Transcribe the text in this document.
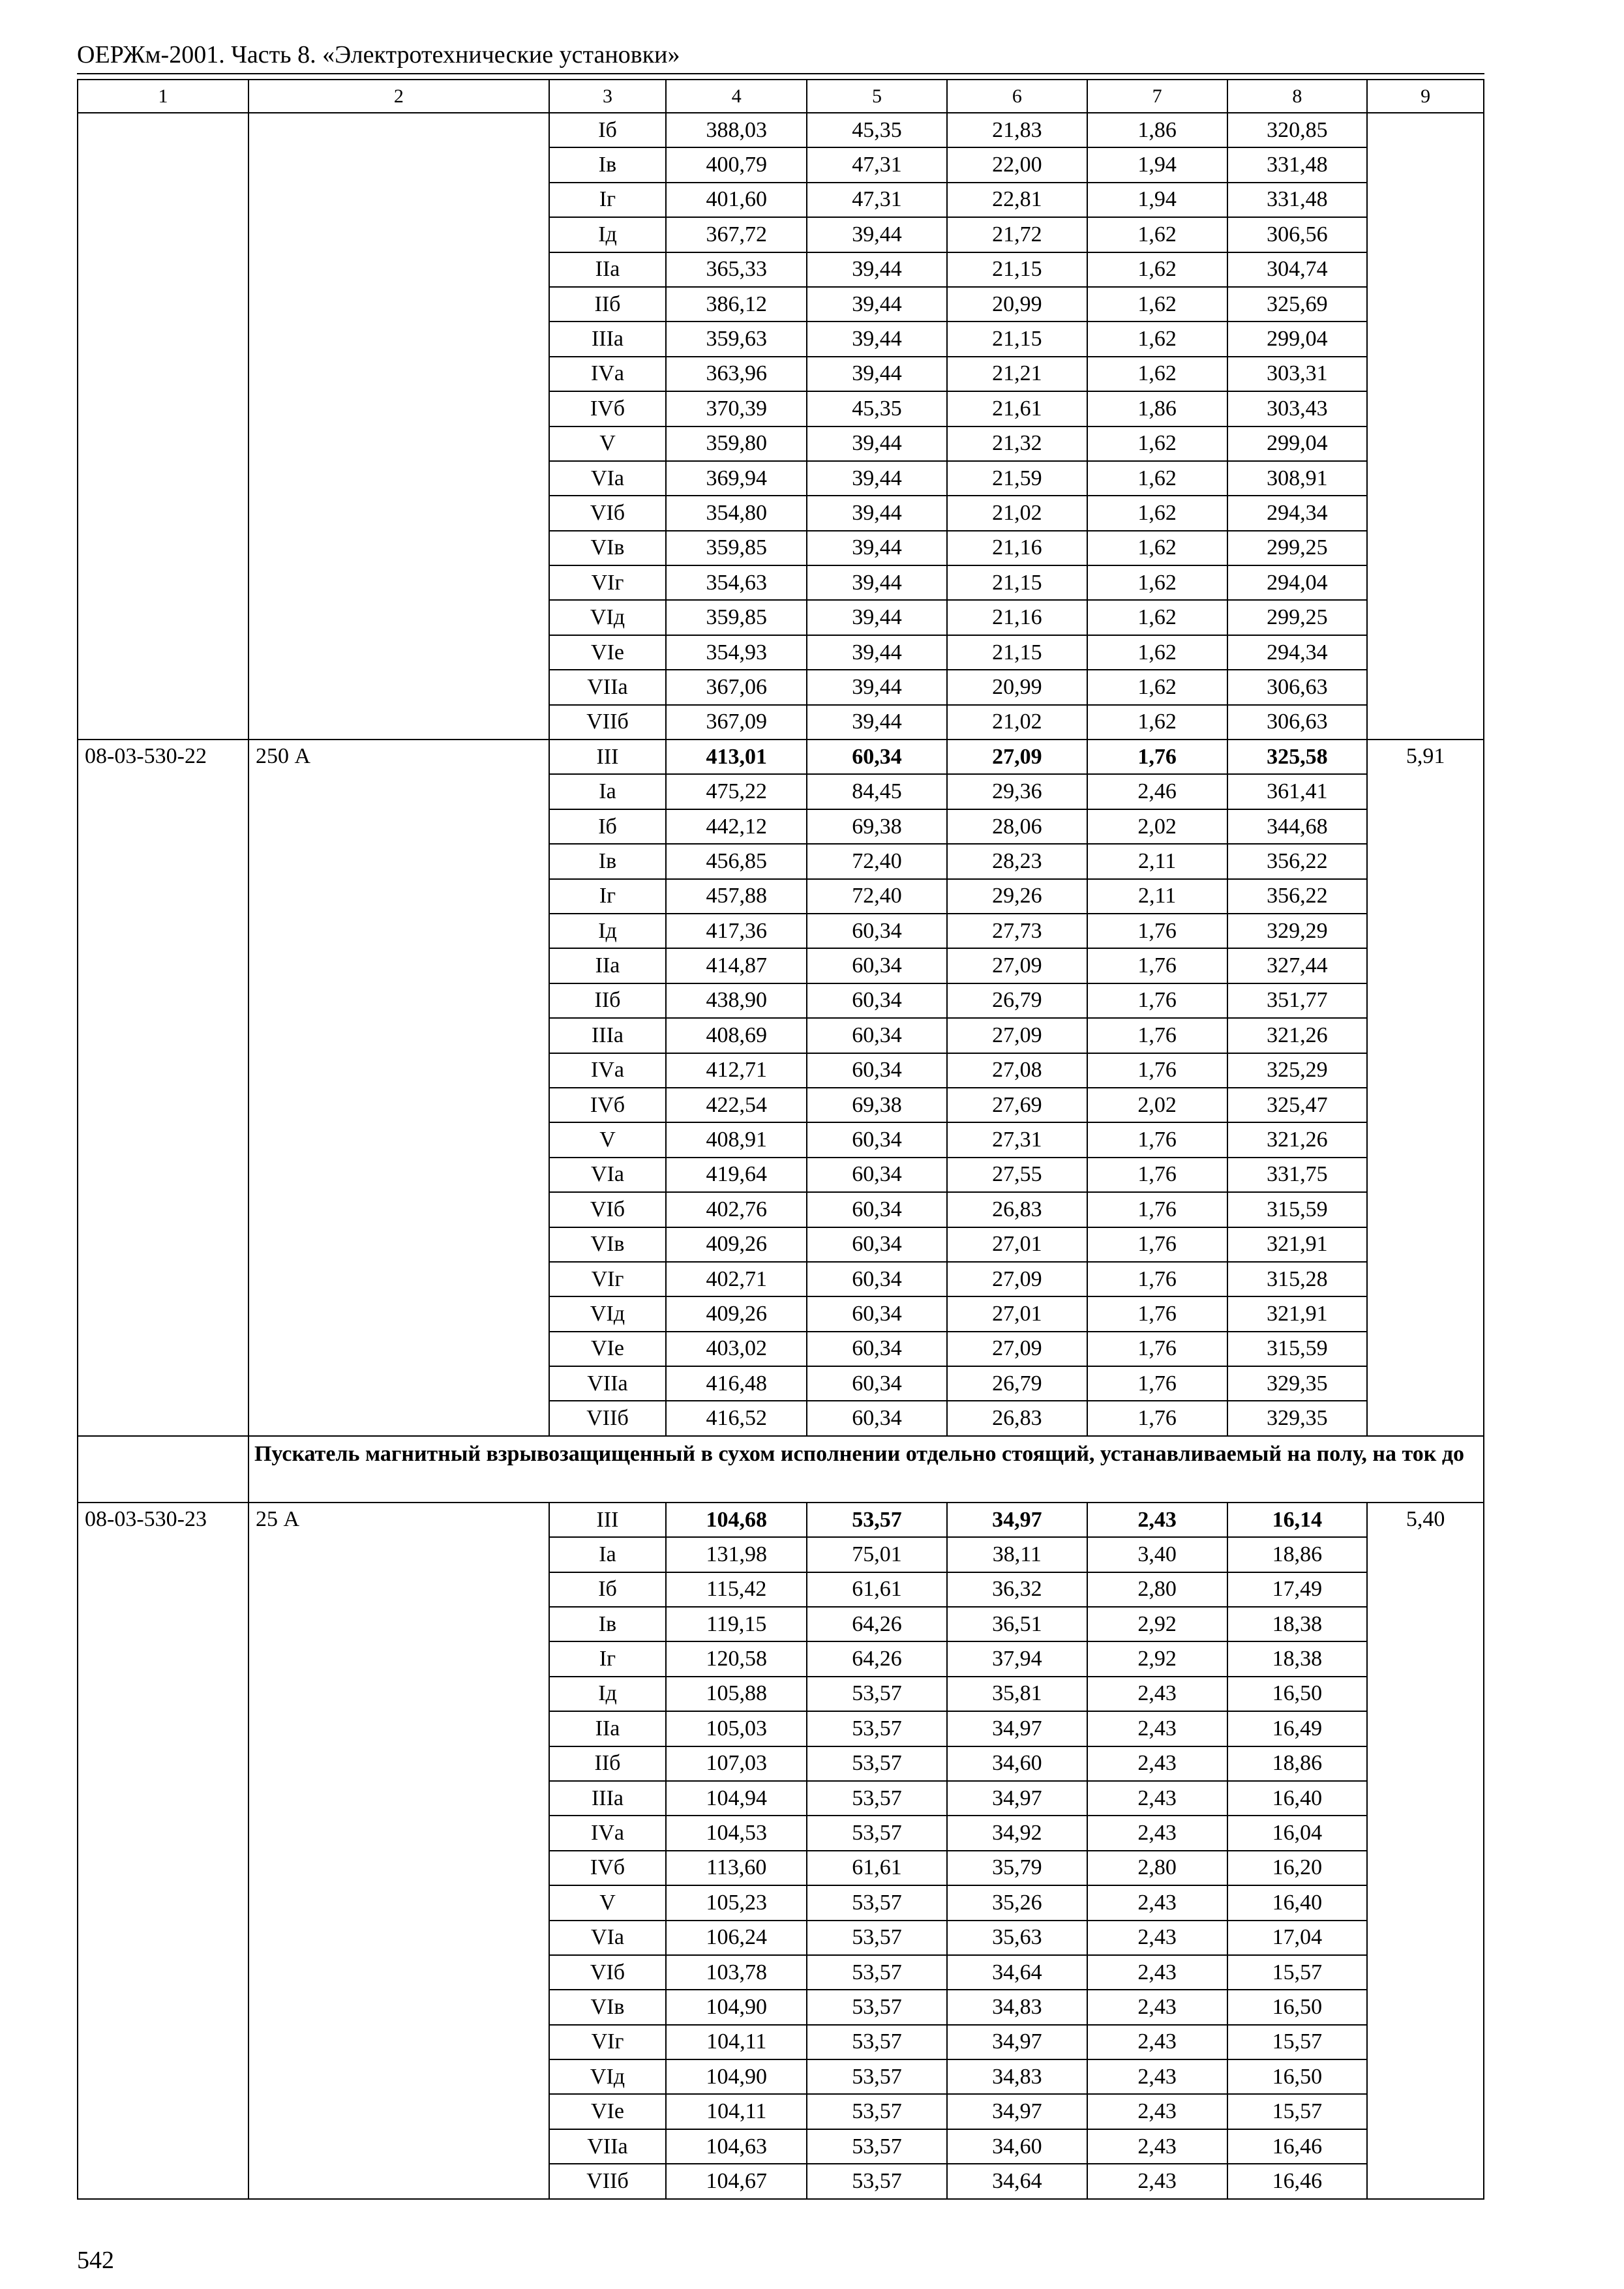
ОЕРЖм-2001. Часть 8. «Электротехнические установки»
1	2	3	4	5	6	7	8	9
		Iб	388,03	45,35	21,83	1,86	320,85	
		Iв	400,79	47,31	22,00	1,94	331,48	
		Iг	401,60	47,31	22,81	1,94	331,48	
		Iд	367,72	39,44	21,72	1,62	306,56	
		IIа	365,33	39,44	21,15	1,62	304,74	
		IIб	386,12	39,44	20,99	1,62	325,69	
		IIIа	359,63	39,44	21,15	1,62	299,04	
		IVа	363,96	39,44	21,21	1,62	303,31	
		IVб	370,39	45,35	21,61	1,86	303,43	
		V	359,80	39,44	21,32	1,62	299,04	
		VIа	369,94	39,44	21,59	1,62	308,91	
		VIб	354,80	39,44	21,02	1,62	294,34	
		VIв	359,85	39,44	21,16	1,62	299,25	
		VIг	354,63	39,44	21,15	1,62	294,04	
		VIд	359,85	39,44	21,16	1,62	299,25	
		VIе	354,93	39,44	21,15	1,62	294,34	
		VIIа	367,06	39,44	20,99	1,62	306,63	
		VIIб	367,09	39,44	21,02	1,62	306,63	
08-03-530-22	250 А	III	413,01	60,34	27,09	1,76	325,58	5,91
		Iа	475,22	84,45	29,36	2,46	361,41	
		Iб	442,12	69,38	28,06	2,02	344,68	
		Iв	456,85	72,40	28,23	2,11	356,22	
		Iг	457,88	72,40	29,26	2,11	356,22	
		Iд	417,36	60,34	27,73	1,76	329,29	
		IIа	414,87	60,34	27,09	1,76	327,44	
		IIб	438,90	60,34	26,79	1,76	351,77	
		IIIа	408,69	60,34	27,09	1,76	321,26	
		IVа	412,71	60,34	27,08	1,76	325,29	
		IVб	422,54	69,38	27,69	2,02	325,47	
		V	408,91	60,34	27,31	1,76	321,26	
		VIа	419,64	60,34	27,55	1,76	331,75	
		VIб	402,76	60,34	26,83	1,76	315,59	
		VIв	409,26	60,34	27,01	1,76	321,91	
		VIг	402,71	60,34	27,09	1,76	315,28	
		VIд	409,26	60,34	27,01	1,76	321,91	
		VIе	403,02	60,34	27,09	1,76	315,59	
		VIIа	416,48	60,34	26,79	1,76	329,35	
		VIIб	416,52	60,34	26,83	1,76	329,35	
	Пускатель магнитный взрывозащищенный в сухом исполнении отдельно стоящий, устанавливаемый на полу, на ток до							
08-03-530-23	25 А	III	104,68	53,57	34,97	2,43	16,14	5,40
		Iа	131,98	75,01	38,11	3,40	18,86	
		Iб	115,42	61,61	36,32	2,80	17,49	
		Iв	119,15	64,26	36,51	2,92	18,38	
		Iг	120,58	64,26	37,94	2,92	18,38	
		Iд	105,88	53,57	35,81	2,43	16,50	
		IIа	105,03	53,57	34,97	2,43	16,49	
		IIб	107,03	53,57	34,60	2,43	18,86	
		IIIа	104,94	53,57	34,97	2,43	16,40	
		IVа	104,53	53,57	34,92	2,43	16,04	
		IVб	113,60	61,61	35,79	2,80	16,20	
		V	105,23	53,57	35,26	2,43	16,40	
		VIа	106,24	53,57	35,63	2,43	17,04	
		VIб	103,78	53,57	34,64	2,43	15,57	
		VIв	104,90	53,57	34,83	2,43	16,50	
		VIг	104,11	53,57	34,97	2,43	15,57	
		VIд	104,90	53,57	34,83	2,43	16,50	
		VIе	104,11	53,57	34,97	2,43	15,57	
		VIIа	104,63	53,57	34,60	2,43	16,46	
		VIIб	104,67	53,57	34,64	2,43	16,46	
542
